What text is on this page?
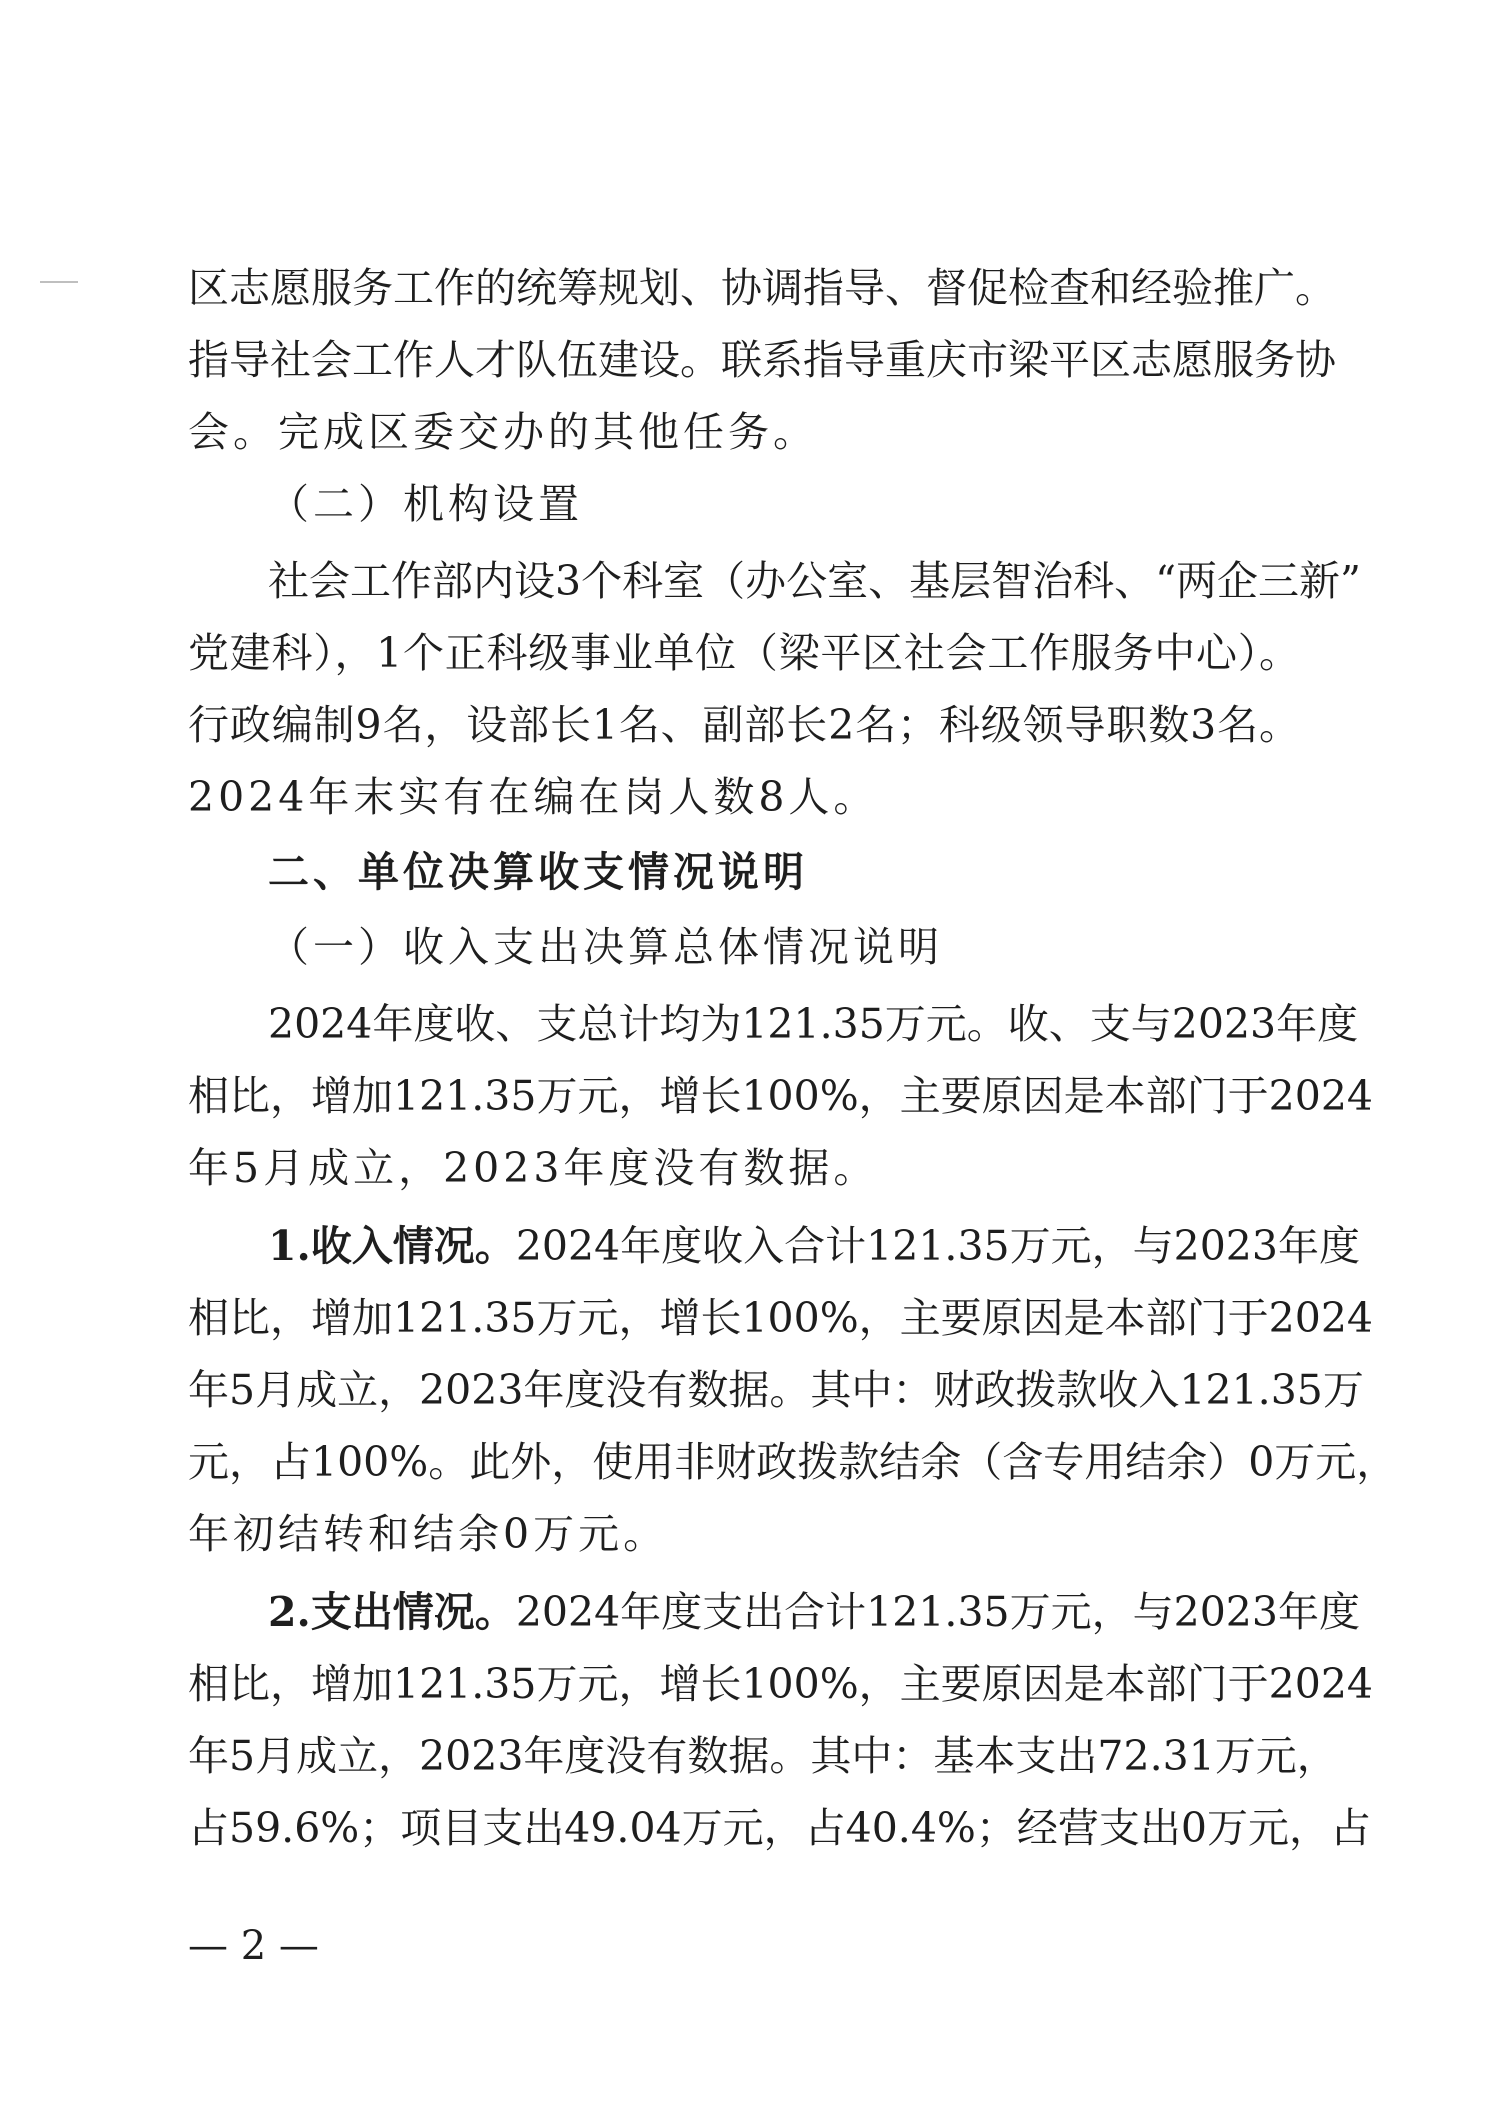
区志愿服务工作的统筹规划、协调指导、督促检查和经验推广。
指导社会工作人才队伍建设。联系指导重庆市梁平区志愿服务协
会。完成区委交办的其他任务。
（二）机构设置
社会工作部内设3个科室（办公室、基层智治科、“两企三新”
党建科），1个正科级事业单位（梁平区社会工作服务中心）。
行政编制9名，设部长1名、副部长2名；科级领导职数3名。
2024年末实有在编在岗人数8人。
二、单位决算收支情况说明
（一）收入支出决算总体情况说明
2024年度收、支总计均为121.35万元。收、支与2023年度
相比，增加121.35万元，增长100%，主要原因是本部门于2024
年5月成立，2023年度没有数据。
1.收入情况。2024年度收入合计121.35万元，与2023年度
相比，增加121.35万元，增长100%，主要原因是本部门于2024
年5月成立，2023年度没有数据。其中：财政拨款收入121.35万
元，占100%。此外，使用非财政拨款结余（含专用结余）0万元，
年初结转和结余0万元。
2.支出情况。2024年度支出合计121.35万元，与2023年度
相比，增加121.35万元，增长100%，主要原因是本部门于2024
年5月成立，2023年度没有数据。其中：基本支出72.31万元，
占59.6%；项目支出49.04万元，占40.4%；经营支出0万元，占
— 2 —
